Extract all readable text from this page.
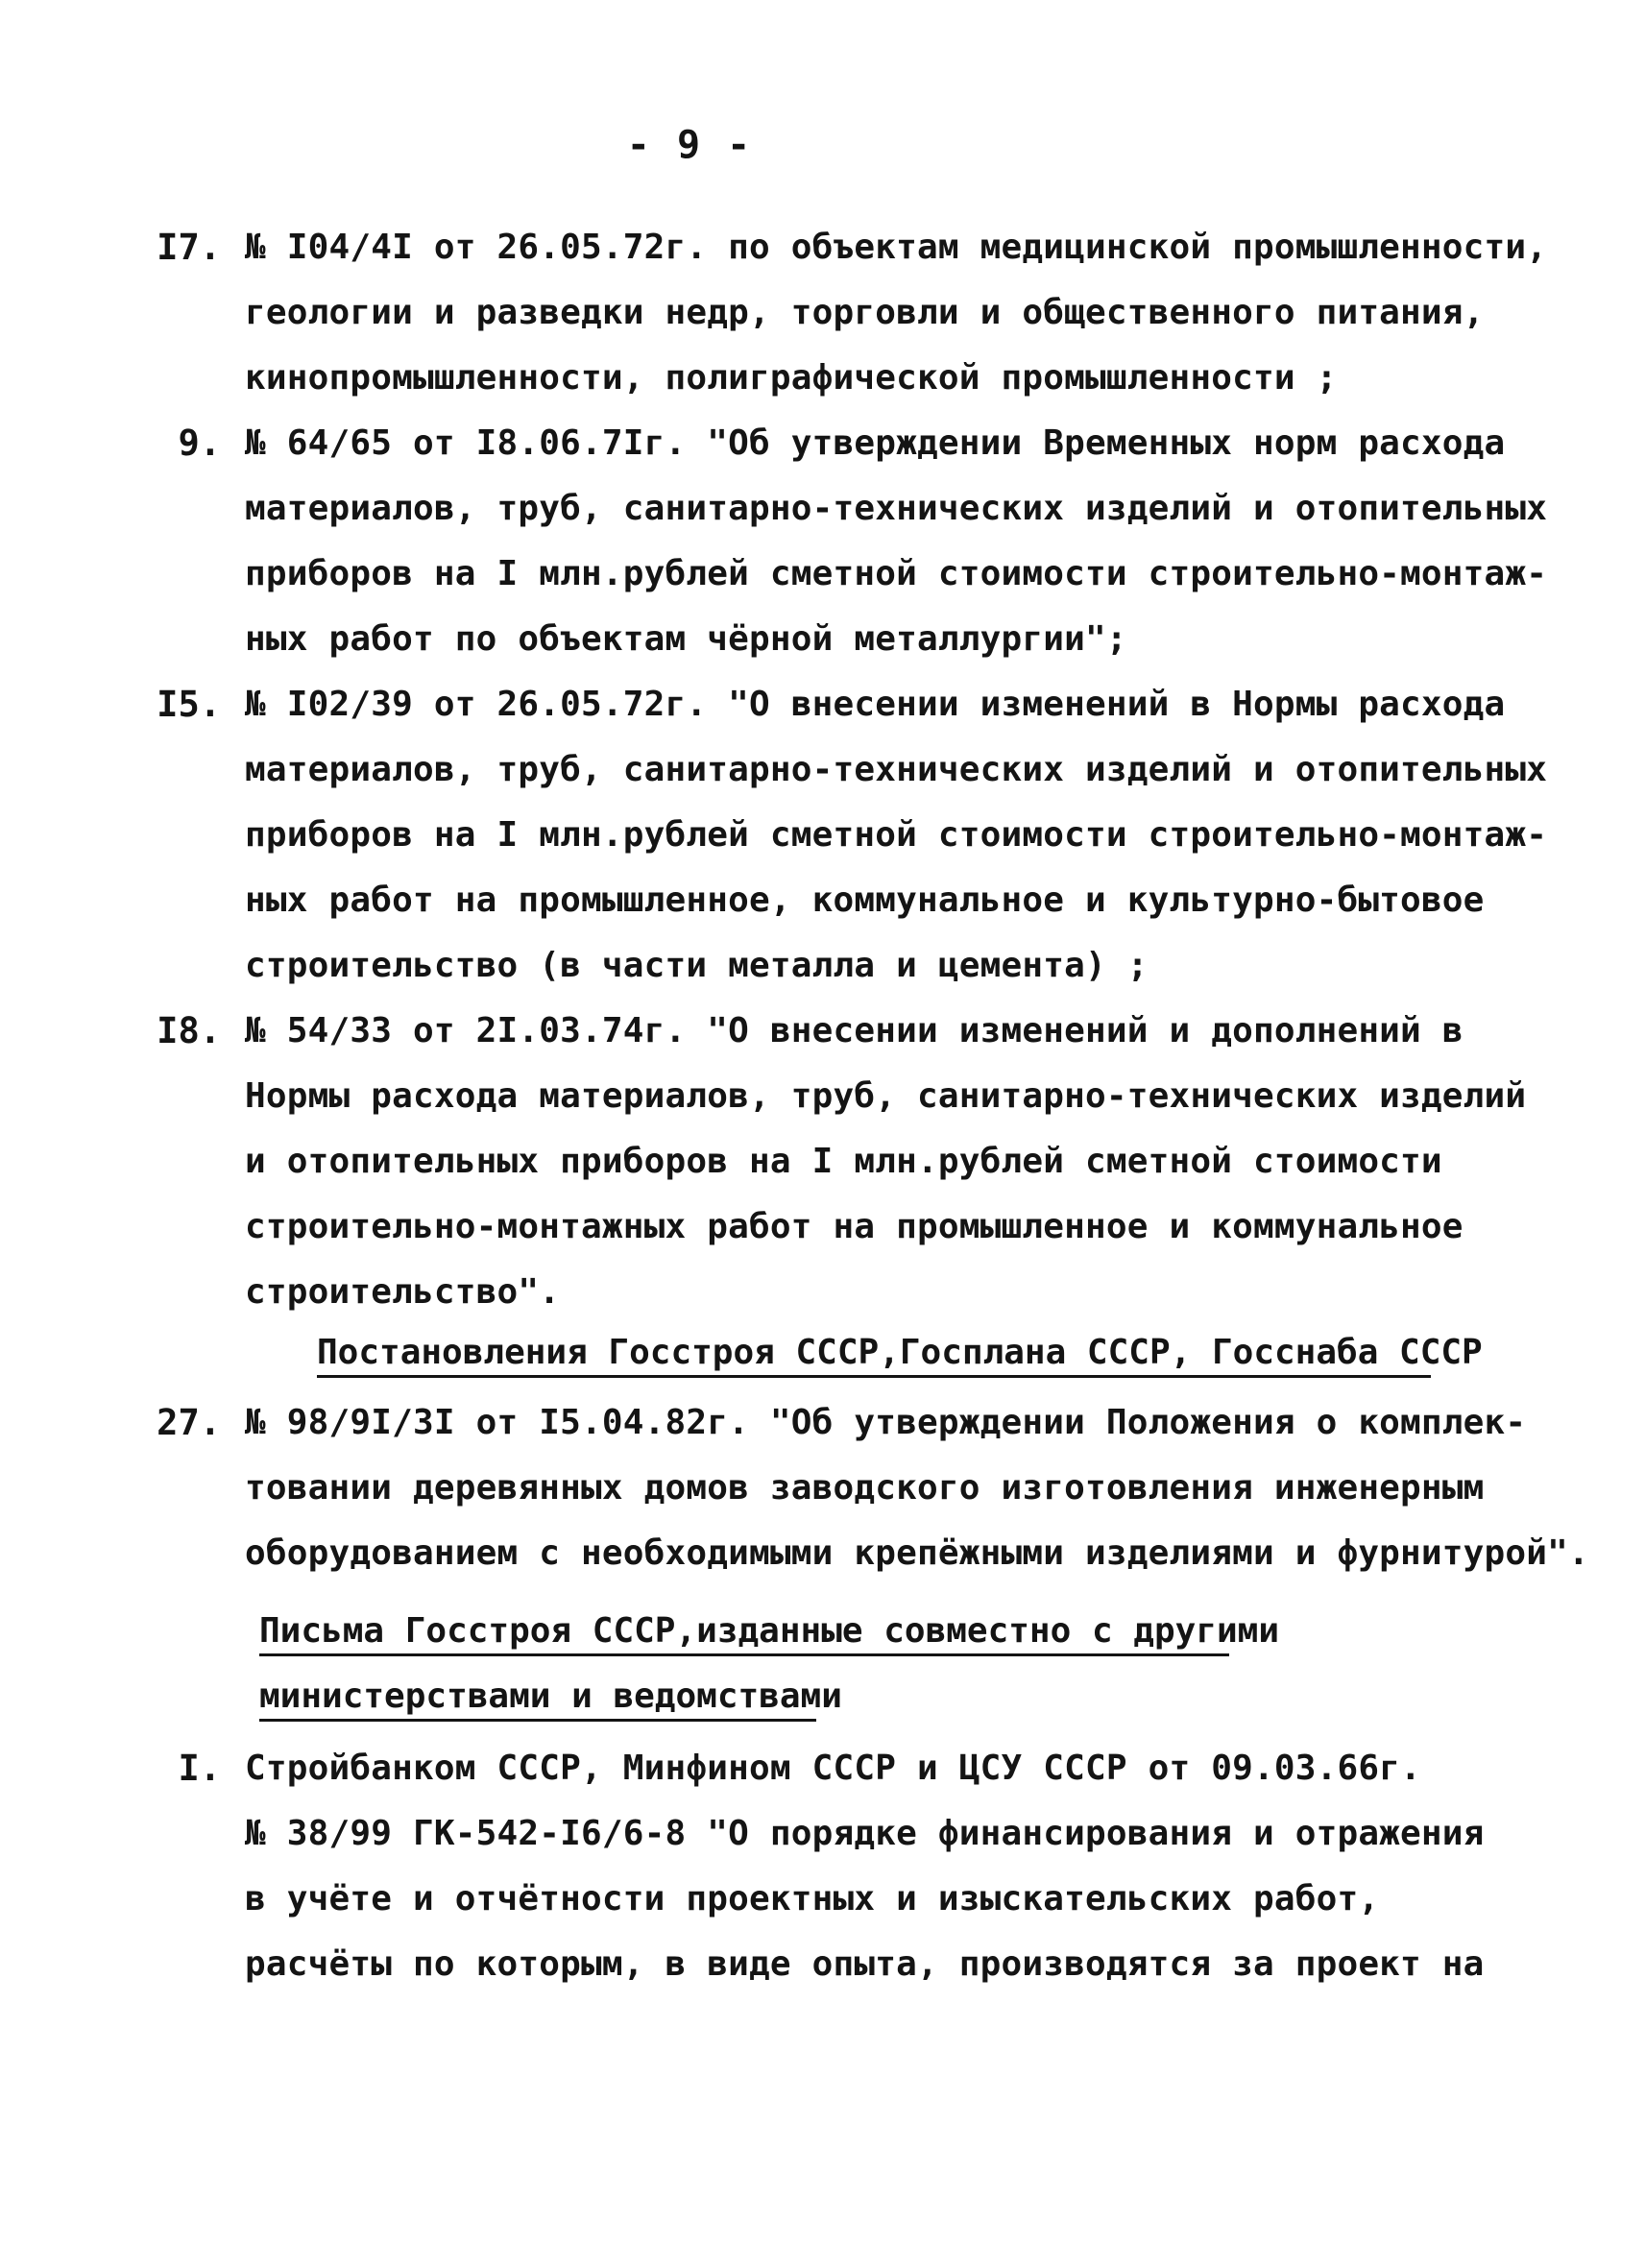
- 9 -
I7. № I04/4I от 26.05.72г. по объектам медицинской промышленности,
геологии и разведки недр, торговли и общественного питания,
кинопромышленности, полиграфической промышленности ;
9. № 64/65 от I8.06.7Iг. "Об утверждении Временных норм расхода
материалов, труб, санитарно-технических изделий и отопительных
приборов на I млн.рублей сметной стоимости строительно-монтаж-
ных работ по объектам чёрной металлургии";
I5. № I02/39 от 26.05.72г. "О внесении изменений в Нормы расхода
материалов, труб, санитарно-технических изделий и отопительных
приборов на I млн.рублей сметной стоимости строительно-монтаж-
ных работ на промышленное, коммунальное и культурно-бытовое
строительство (в части металла и цемента) ;
I8. № 54/33 от 2I.03.74г. "О внесении изменений и дополнений в
Нормы расхода материалов, труб, санитарно-технических изделий
и отопительных приборов на I млн.рублей сметной стоимости
строительно-монтажных работ на промышленное и коммунальное
строительство".
Постановления Госстроя СССР,Госплана СССР, Госснаба СССР
27. № 98/9I/3I от I5.04.82г. "Об утверждении Положения о комплек-
товании деревянных домов заводского изготовления инженерным
оборудованием с необходимыми крепёжными изделиями и фурнитурой".
Письма Госстроя СССР,изданные совместно с другими
министерствами и ведомствами
I. Стройбанком СССР, Минфином СССР и ЦСУ СССР от 09.03.66г.
№ 38/99 ГК-542-I6/6-8 "О порядке финансирования и отражения
в учёте и отчётности проектных и изыскательских работ,
расчёты по которым, в виде опыта, производятся за проект на
